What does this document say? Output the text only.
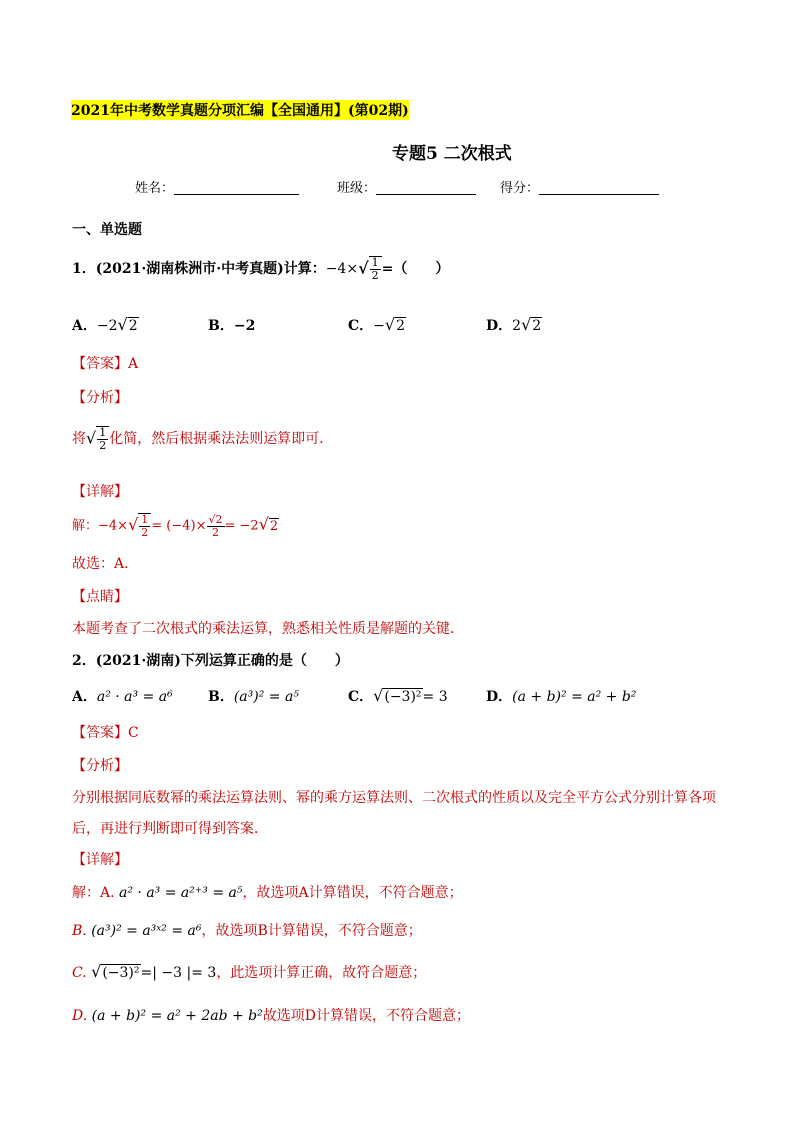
2021年中考数学真题分项汇编【全国通用】(第02期)
专题5 二次根式
姓名：	班级：	得分：
一、单选题
1．(2021·湖南株洲市·中考真题)计算：$-4\times√ \frac{1}{2}$ =（　　）
A．−2√2	B．−2	C．−√2	D．2√2
【答案】A
【分析】
将√ $\frac{1}{2}$ 化简，然后根据乘法法则运算即可．
【详解】
解：$-4\times√ \frac{1}{2} = (-4)\times \frac{√2}{2} = -2√2$
故选：A．
【点睛】
本题考查了二次根式的乘法运算，熟悉相关性质是解题的关键．
2．(2021·湖南)下列运算正确的是（　　）
A．a² · a³ = a⁶	B．(a³)² = a⁵	C．√(−3)²= 3	D．(a + b)² = a² + b²
【答案】C
【分析】
分别根据同底数幂的乘法运算法则、幂的乘方运算法则、二次根式的性质以及完全平方公式分别计算各项
后，再进行判断即可得到答案．
【详解】
解：A. a² · a³ = a²⁺³ = a⁵，故选项A计算错误，不符合题意；
B. (a³)² = a³ˣ² = a⁶，故选项B计算错误，不符合题意；
C. √(−3)²=| −3 |= 3，此选项计算正确，故符合题意；
D. (a + b)² = a² + 2ab + b²故选项D计算错误，不符合题意；
